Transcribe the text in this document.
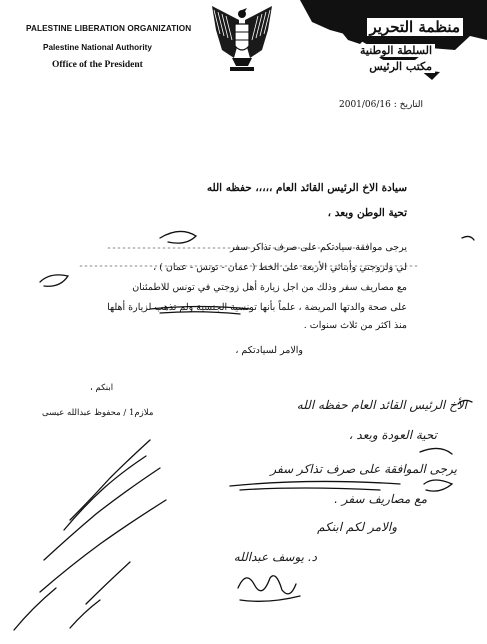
PALESTINE LIBERATION ORGANIZATION
Palestine National Authority
Office of the President
منظمة التحرير
السلطة الوطنية
مكتب الرئيس
التاريخ : 2001/06/16
سيادة الاخ الرئيس القائد العام ،،،،، حفظه الله
تحية الوطن وبعد ،
يرجى موافقة سيادتكم على صرف تذاكر سفر
لي ولزوجتي وأبنائي الأربعة على الخط ( عمان - تونس - عمان ) ،
مع مصاريف سفر وذلك من اجل زيارة أهل زوجتي في تونس للاطمئنان
على صحة والدتها المريضة ، علماً بأنها تونسية الجنسية ولم تذهب لزيارة أهلها
منذ اكثر من ثلاث سنوات .
والامر لسيادتكم ،
ابنكم ،
ملازم1 / محفوظ عبدالله عيسى
الأخ الرئيس القائد العام حفظه الله
تحية العودة وبعد ،
يرجى الموافقة على صرف تذاكر سفر
مع مصاريف سفر .
والامر لكم ابنكم
د. يوسف عبدالله
